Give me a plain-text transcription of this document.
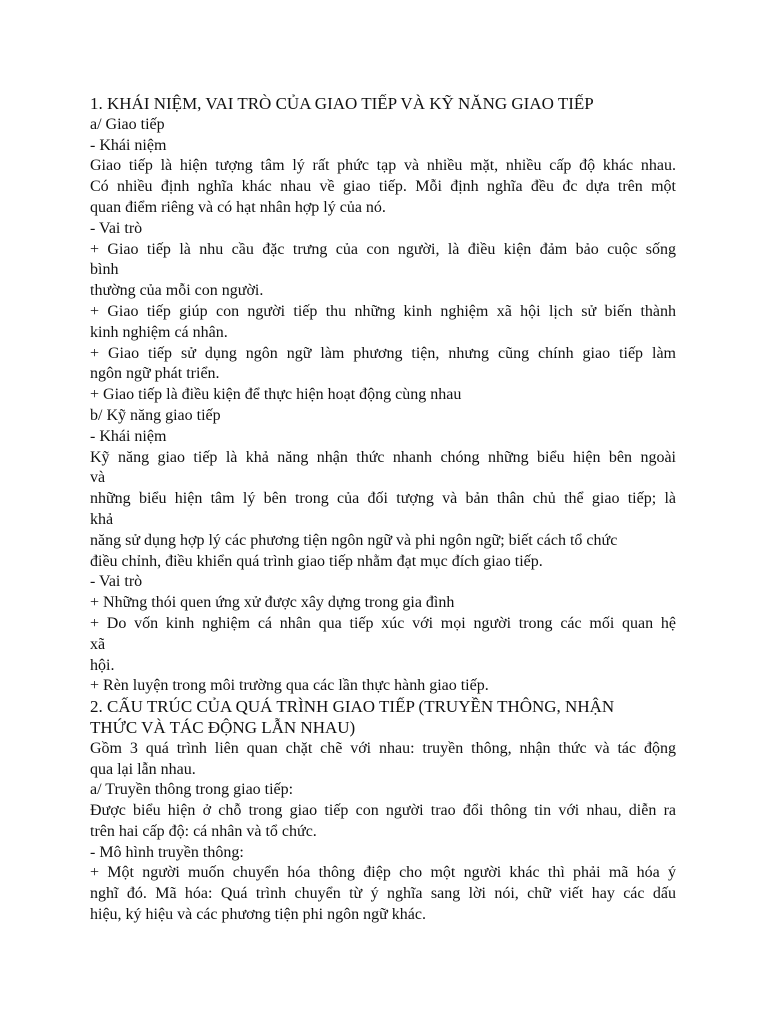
1. KHÁI NIỆM, VAI TRÒ CỦA GIAO TIẾP VÀ KỸ NĂNG GIAO TIẾP

a/ Giao tiếp

- Khái niệm

Giao tiếp là hiện tượng tâm lý rất phức tạp và nhiều mặt, nhiều cấp độ khác nhau.

Có nhiều định nghĩa khác nhau về giao tiếp. Mỗi định nghĩa đều đc dựa trên một

quan điểm riêng và có hạt nhân hợp lý của nó.

- Vai trò

+ Giao tiếp là nhu cầu đặc trưng của con người, là điều kiện đảm bảo cuộc sống

bình

thường của mỗi con người.

+ Giao tiếp giúp con người tiếp thu những kinh nghiệm xã hội lịch sử biến thành

kinh nghiệm cá nhân.

+ Giao tiếp sử dụng ngôn ngữ làm phương tiện, nhưng cũng chính giao tiếp làm

ngôn ngữ phát triển.

+ Giao tiếp là điều kiện để thực hiện hoạt động cùng nhau

b/ Kỹ năng giao tiếp

- Khái niệm

Kỹ năng giao tiếp là khả năng nhận thức nhanh chóng những biểu hiện bên ngoài

và

những biểu hiện tâm lý bên trong của đối tượng và bản thân chủ thể giao tiếp; là

khả

năng sử dụng hợp lý các phương tiện ngôn ngữ và phi ngôn ngữ; biết cách tổ chức

điều chỉnh, điều khiển quá trình giao tiếp nhằm đạt mục đích giao tiếp.

- Vai trò

+ Những thói quen ứng xử được xây dựng trong gia đình

+ Do vốn kinh nghiệm cá nhân qua tiếp xúc với mọi người trong các mối quan hệ

xã

hội.

+ Rèn luyện trong môi trường qua các lần thực hành giao tiếp.

2. CẤU TRÚC CỦA QUÁ TRÌNH GIAO TIẾP (TRUYỀN THÔNG, NHẬN

THỨC VÀ TÁC ĐỘNG LẪN NHAU)

Gồm 3 quá trình liên quan chặt chẽ với nhau: truyền thông, nhận thức và tác động

qua lại lẫn nhau.

a/ Truyền thông trong giao tiếp:

Được biểu hiện ở chỗ trong giao tiếp con người trao đổi thông tin với nhau, diễn ra

trên hai cấp độ: cá nhân và tổ chức.

- Mô hình truyền thông:

+ Một người muốn chuyển hóa thông điệp cho một người khác thì phải mã hóa ý

nghĩ đó. Mã hóa: Quá trình chuyển từ ý nghĩa sang lời nói, chữ viết hay các dấu

hiệu, ký hiệu và các phương tiện phi ngôn ngữ khác.
